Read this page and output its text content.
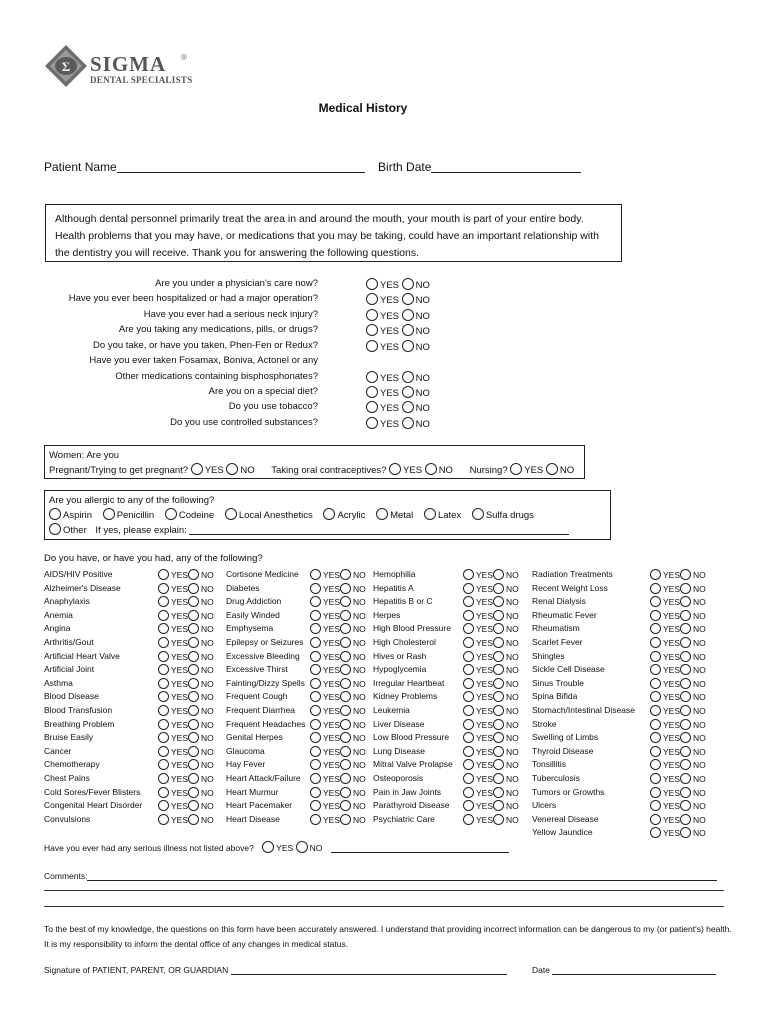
Σ SIGMA ®
DENTAL SPECIALISTS
Medical History
Patient Name	Birth Date
Although dental personnel primarily treat the area in and around the mouth, your mouth is part of your entire body. Health problems that you may have, or medications that you may be taking, could have an important relationship with the dentistry you will receive. Thank you for answering the following questions.
Are you under a physician's care now?	YES NO
Have you ever been hospitalized or had a major operation?	YES NO
Have you ever had a serious neck injury?	YES NO
Are you taking any medications, pills, or drugs?	YES NO
Do you take, or have you taken, Phen-Fen or Redux?	YES NO
Have you ever taken Fosamax, Boniva, Actonel or any
Other medications containing bisphosphonates?	YES NO
Are you on a special diet?	YES NO
Do you use tobacco?	YES NO
Do you use controlled substances?	YES NO
Women: Are you
Pregnant/Trying to get pregnant? YES NO Taking oral contraceptives? YES NO Nursing? YES NO
Are you allergic to any of the following?
Aspirin	Penicillin	Codeine	Local Anesthetics	Acrylic	Metal	Latex	Sulfa drugs
Other If yes, please explain:
Do you have, or have you had, any of the following?
AIDS/HIV Positive	YES NO
Alzheimer's Disease	YES NO
Anaphylaxis	YES NO
Anemia	YES NO
Angina	YES NO
Arthritis/Gout	YES NO
Artificial Heart Valve	YES NO
Artificial Joint	YES NO
Asthma	YES NO
Blood Disease	YES NO
Blood Transfusion	YES NO
Breathing Problem	YES NO
Bruise Easily	YES NO
Cancer	YES NO
Chemotherapy	YES NO
Chest Pains	YES NO
Cold Sores/Fever Blisters	YES NO
Congenital Heart Disorder	YES NO
Convulsions	YES NO
Cortisone Medicine	YES NO
Diabetes	YES NO
Drug Addiction	YES NO
Easily Winded	YES NO
Emphysema	YES NO
Epilepsy or Seizures	YES NO
Excessive Bleeding	YES NO
Excessive Thirst	YES NO
Fainting/Dizzy Spells	YES NO
Frequent Cough	YES NO
Frequent Diarrhea	YES NO
Frequent Headaches	YES NO
Genital Herpes	YES NO
Glaucoma	YES NO
Hay Fever	YES NO
Heart Attack/Failure	YES NO
Heart Murmur	YES NO
Heart Pacemaker	YES NO
Heart Disease	YES NO
Hemophilia	YES NO
Hepatitis A	YES NO
Hepatitis B or C	YES NO
Herpes	YES NO
High Blood Pressure	YES NO
High Cholesterol	YES NO
Hives or Rash	YES NO
Hypoglycemia	YES NO
Irregular Heartbeat	YES NO
Kidney Problems	YES NO
Leukemia	YES NO
Liver Disease	YES NO
Low Blood Pressure	YES NO
Lung Disease	YES NO
Mitral Valve Prolapse	YES NO
Osteoporosis	YES NO
Pain in Jaw Joints	YES NO
Parathyroid Disease	YES NO
Psychiatric Care	YES NO
Radiation Treatments	YES NO
Recent Weight Loss	YES NO
Renal Dialysis	YES NO
Rheumatic Fever	YES NO
Rheumatism	YES NO
Scarlet Fever	YES NO
Shingles	YES NO
Sickle Cell Disease	YES NO
Sinus Trouble	YES NO
Spina Bifida	YES NO
Stomach/Intestinal Disease	YES NO
Stroke	YES NO
Swelling of Limbs	YES NO
Thyroid Disease	YES NO
Tonsillitis	YES NO
Tuberculosis	YES NO
Tumors or Growths	YES NO
Ulcers	YES NO
Venereal Disease	YES NO
Yellow Jaundice	YES NO
Have you ever had any serious illness not listed above?	YES NO
Comments:
To the best of my knowledge, the questions on this form have been accurately answered. I understand that providing incorrect information can be dangerous to my (or patient's) health. It is my responsibility to inform the dental office of any changes in medical status.
Signature of PATIENT, PARENT, OR GUARDIAN	Date
